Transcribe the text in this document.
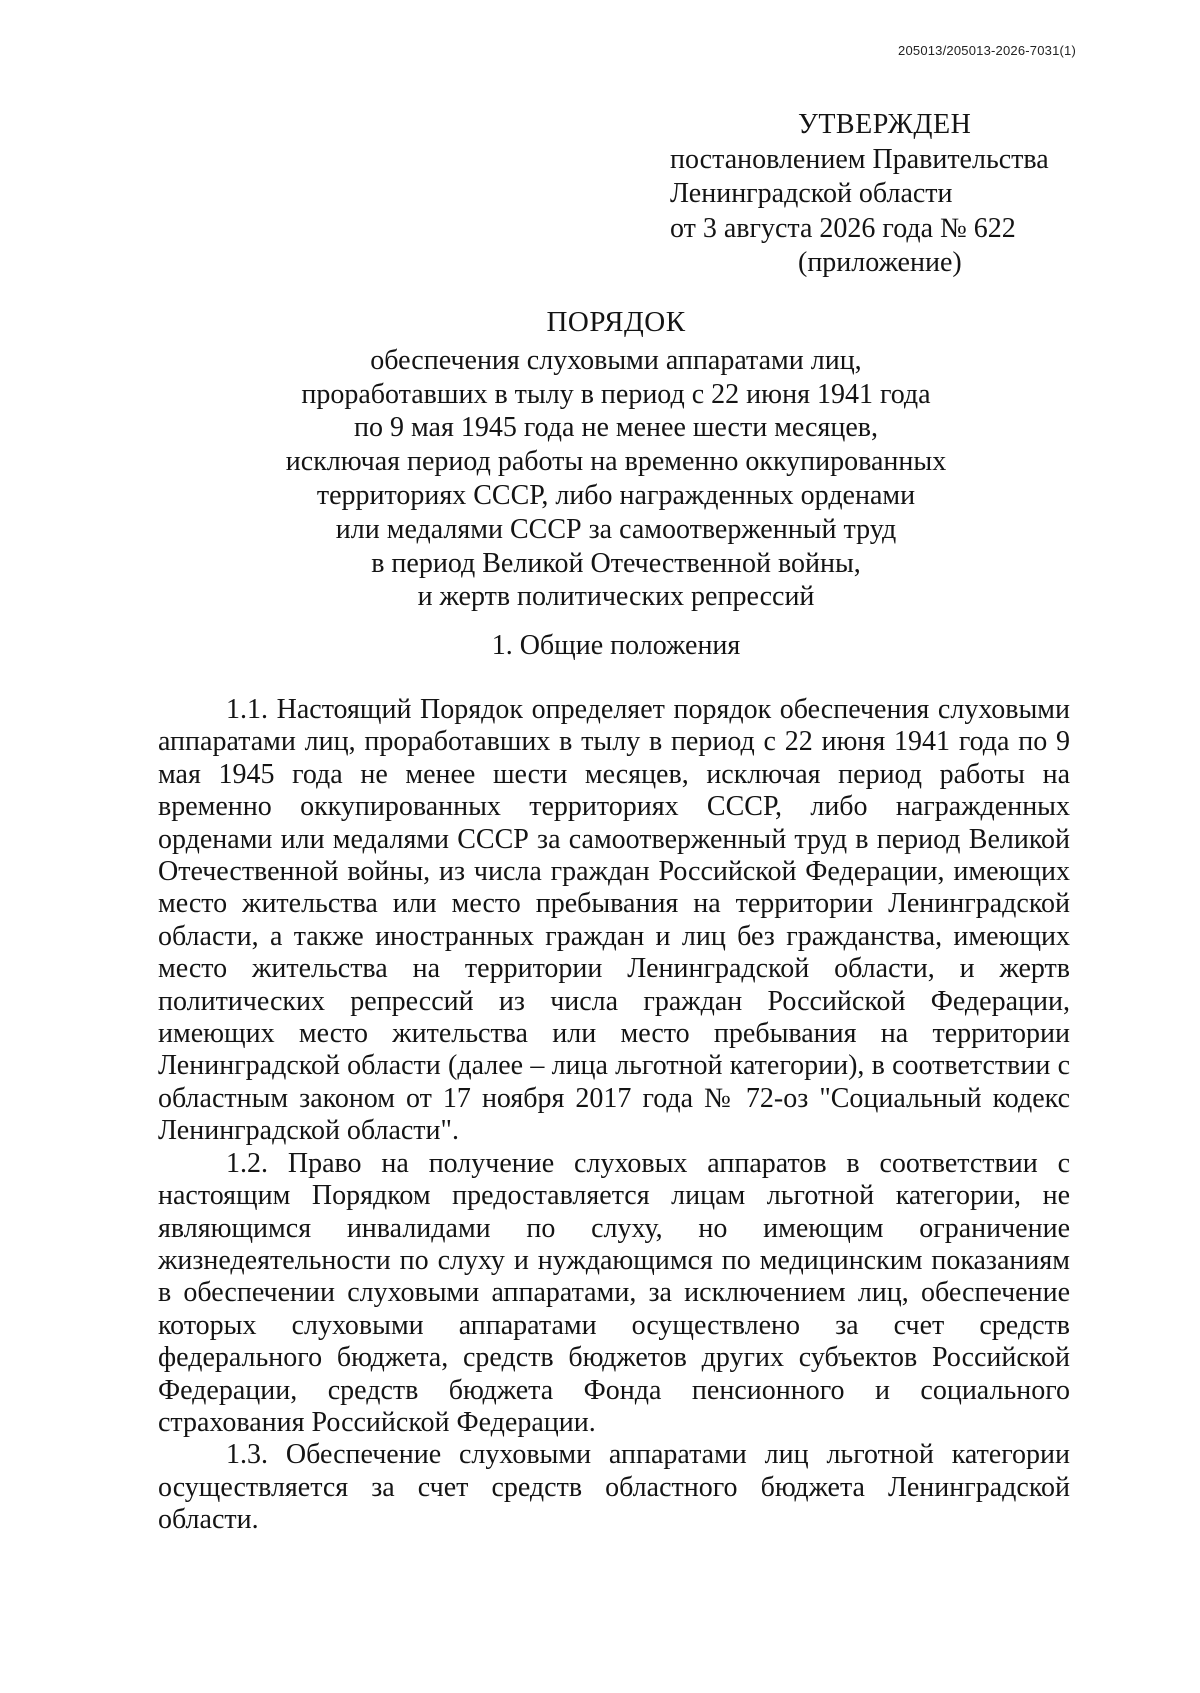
205013/205013-2026-7031(1)
УТВЕРЖДЕН
постановлением Правительства
Ленинградской области
от 3 августа 2026 года № 622
(приложение)
ПОРЯДОК
обеспечения слуховыми аппаратами лиц,
проработавших в тылу в период с 22 июня 1941 года
по 9 мая 1945 года не менее шести месяцев,
исключая период работы на временно оккупированных
территориях СССР, либо награжденных орденами
или медалями СССР за самоотверженный труд
в период Великой Отечественной войны,
и жертв политических репрессий
1. Общие положения

1.1. Настоящий Порядок определяет порядок обеспечения слуховыми аппаратами лиц, проработавших в тылу в период с 22 июня 1941 года по 9 мая 1945 года не менее шести месяцев, исключая период работы на временно оккупированных территориях СССР, либо награжденных орденами или медалями СССР за самоотверженный труд в период Великой Отечественной войны, из числа граждан Российской Федерации, имеющих место жительства или место пребывания на территории Ленинградской области, а также иностранных граждан и лиц без гражданства, имеющих место жительства на территории Ленинградской области, и жертв политических репрессий из числа граждан Российской Федерации, имеющих место жительства или место пребывания на территории Ленинградской области (далее – лица льготной категории), в соответствии с областным законом от 17 ноября 2017 года № 72-оз "Социальный кодекс Ленинградской области".

1.2. Право на получение слуховых аппаратов в соответствии с настоящим Порядком предоставляется лицам льготной категории, не являющимся инвалидами по слуху, но имеющим ограничение жизнедеятельности по слуху и нуждающимся по медицинским показаниям в обеспечении слуховыми аппаратами, за исключением лиц, обеспечение которых слуховыми аппаратами осуществлено за счет средств федерального бюджета, средств бюджетов других субъектов Российской Федерации, средств бюджета Фонда пенсионного и социального страхования Российской Федерации.

1.3. Обеспечение слуховыми аппаратами лиц льготной категории осуществляется за счет средств областного бюджета Ленинградской области.
